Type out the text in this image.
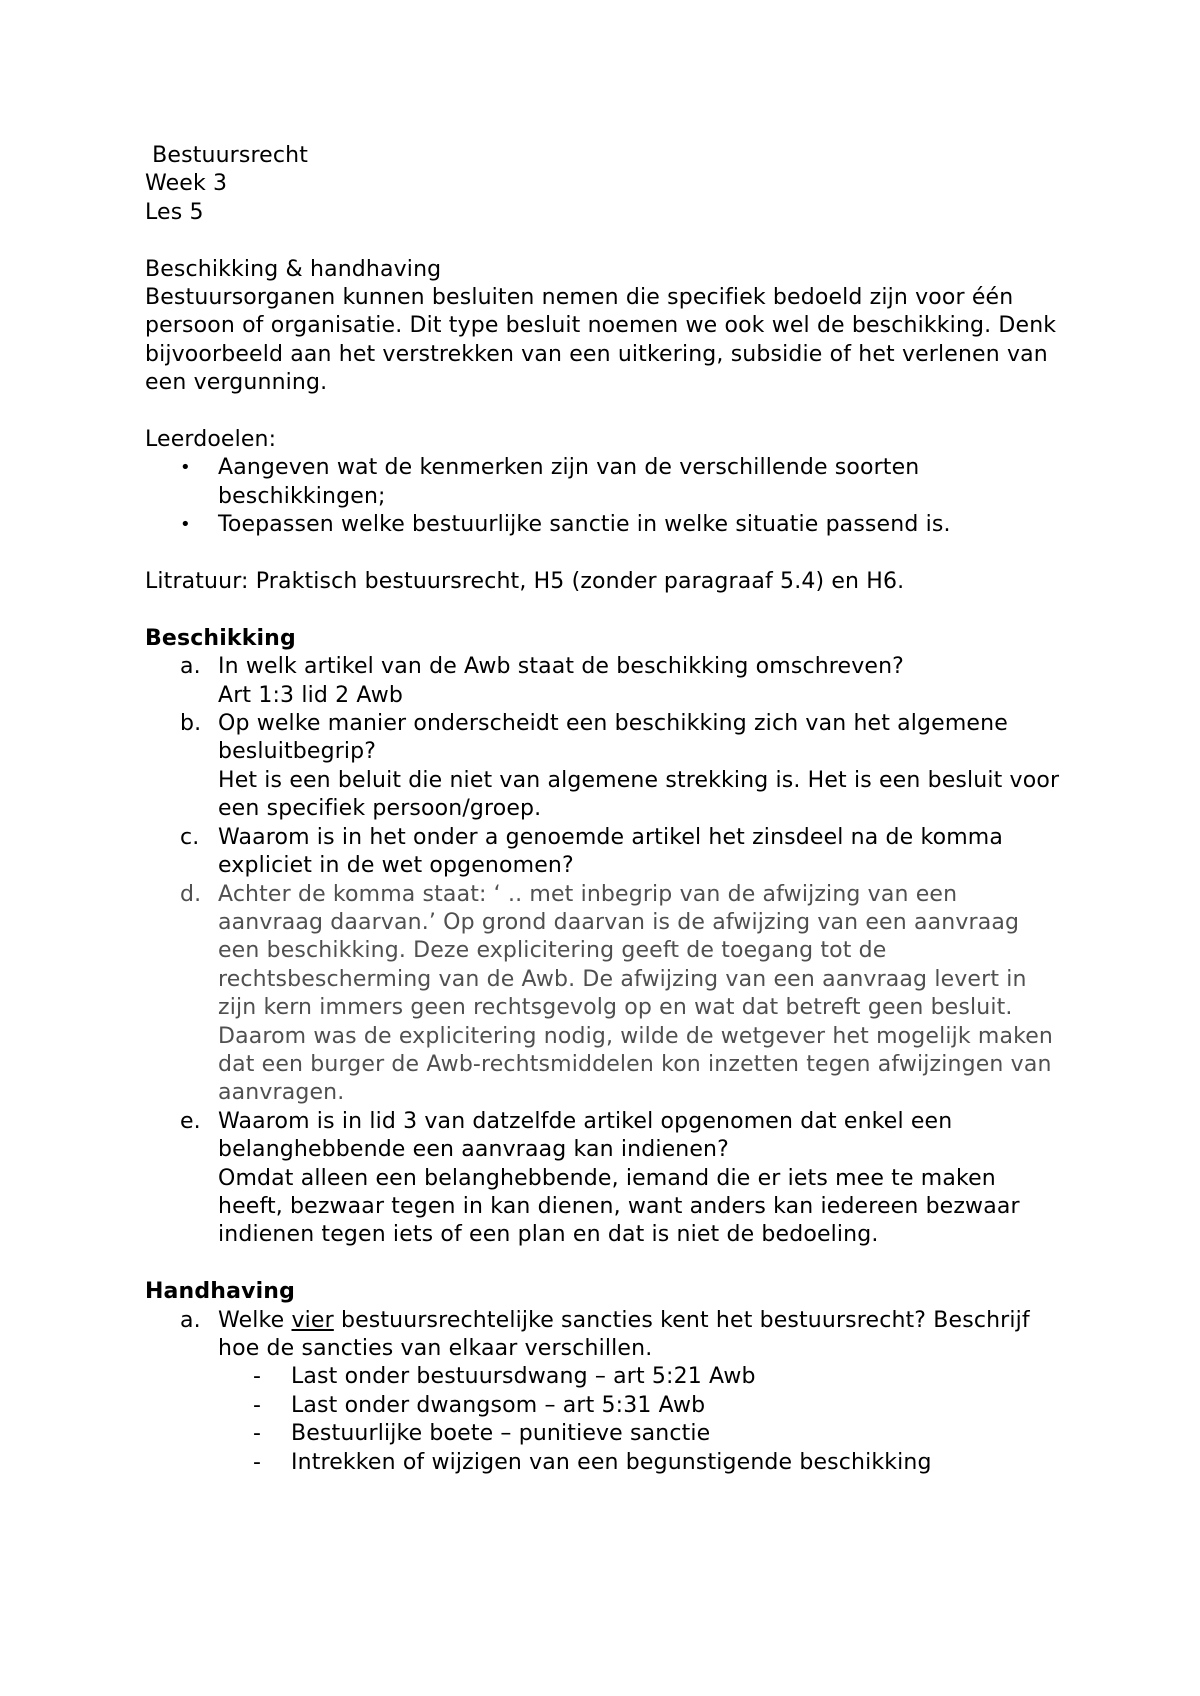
Bestuursrecht
Week 3
Les 5
Beschikking & handhaving

Bestuursorganen kunnen besluiten nemen die specifiek bedoeld zijn voor één persoon of organisatie. Dit type besluit noemen we ook wel de beschikking. Denk bijvoorbeeld aan het verstrekken van een uitkering, subsidie of het verlenen van een vergunning.

Leerdoelen:
• Aangeven wat de kenmerken zijn van de verschillende soorten beschikkingen;
• Toepassen welke bestuurlijke sanctie in welke situatie passend is.

Litratuur: Praktisch bestuursrecht, H5 (zonder paragraaf 5.4) en H6.

Beschikking
a. In welk artikel van de Awb staat de beschikking omschreven?
Art 1:3 lid 2 Awb
b. Op welke manier onderscheidt een beschikking zich van het algemene besluitbegrip?
Het is een beluit die niet van algemene strekking is. Het is een besluit voor een specifiek persoon/groep.
c. Waarom is in het onder a genoemde artikel het zinsdeel na de komma expliciet in de wet opgenomen?
d. Achter de komma staat: ‘ .. met inbegrip van de afwijzing van een aanvraag daarvan.’ Op grond daarvan is de afwijzing van een aanvraag een beschikking. Deze explicitering geeft de toegang tot de rechtsbescherming van de Awb. De afwijzing van een aanvraag levert in zijn kern immers geen rechtsgevolg op en wat dat betreft geen besluit. Daarom was de explicitering nodig, wilde de wetgever het mogelijk maken dat een burger de Awb-rechtsmiddelen kon inzetten tegen afwijzingen van aanvragen.
e. Waarom is in lid 3 van datzelfde artikel opgenomen dat enkel een belanghebbende een aanvraag kan indienen?
Omdat alleen een belanghebbende, iemand die er iets mee te maken heeft, bezwaar tegen in kan dienen, want anders kan iedereen bezwaar indienen tegen iets of een plan en dat is niet de bedoeling.
Handhaving
a. Welke vier bestuursrechtelijke sancties kent het bestuursrecht? Beschrijf hoe de sancties van elkaar verschillen.
- Last onder bestuursdwang – art 5:21 Awb
- Last onder dwangsom – art 5:31 Awb
- Bestuurlijke boete – punitieve sanctie
- Intrekken of wijzigen van een begunstigende beschikking
